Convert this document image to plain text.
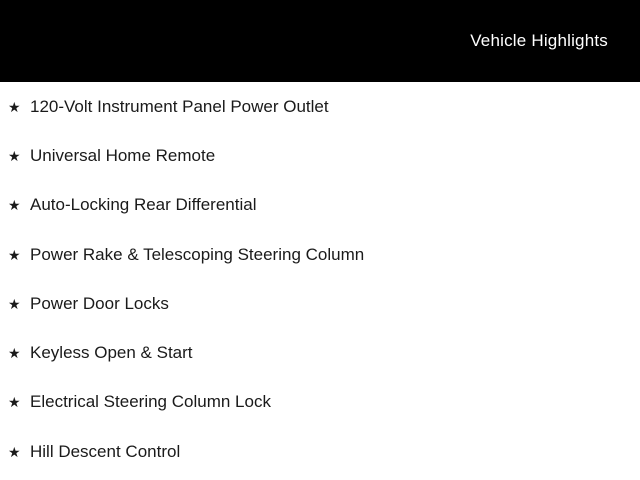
Vehicle Highlights
★ 120-Volt Instrument Panel Power Outlet
★ Universal Home Remote
★ Auto-Locking Rear Differential
★ Power Rake & Telescoping Steering Column
★ Power Door Locks
★ Keyless Open & Start
★ Electrical Steering Column Lock
★ Hill Descent Control
